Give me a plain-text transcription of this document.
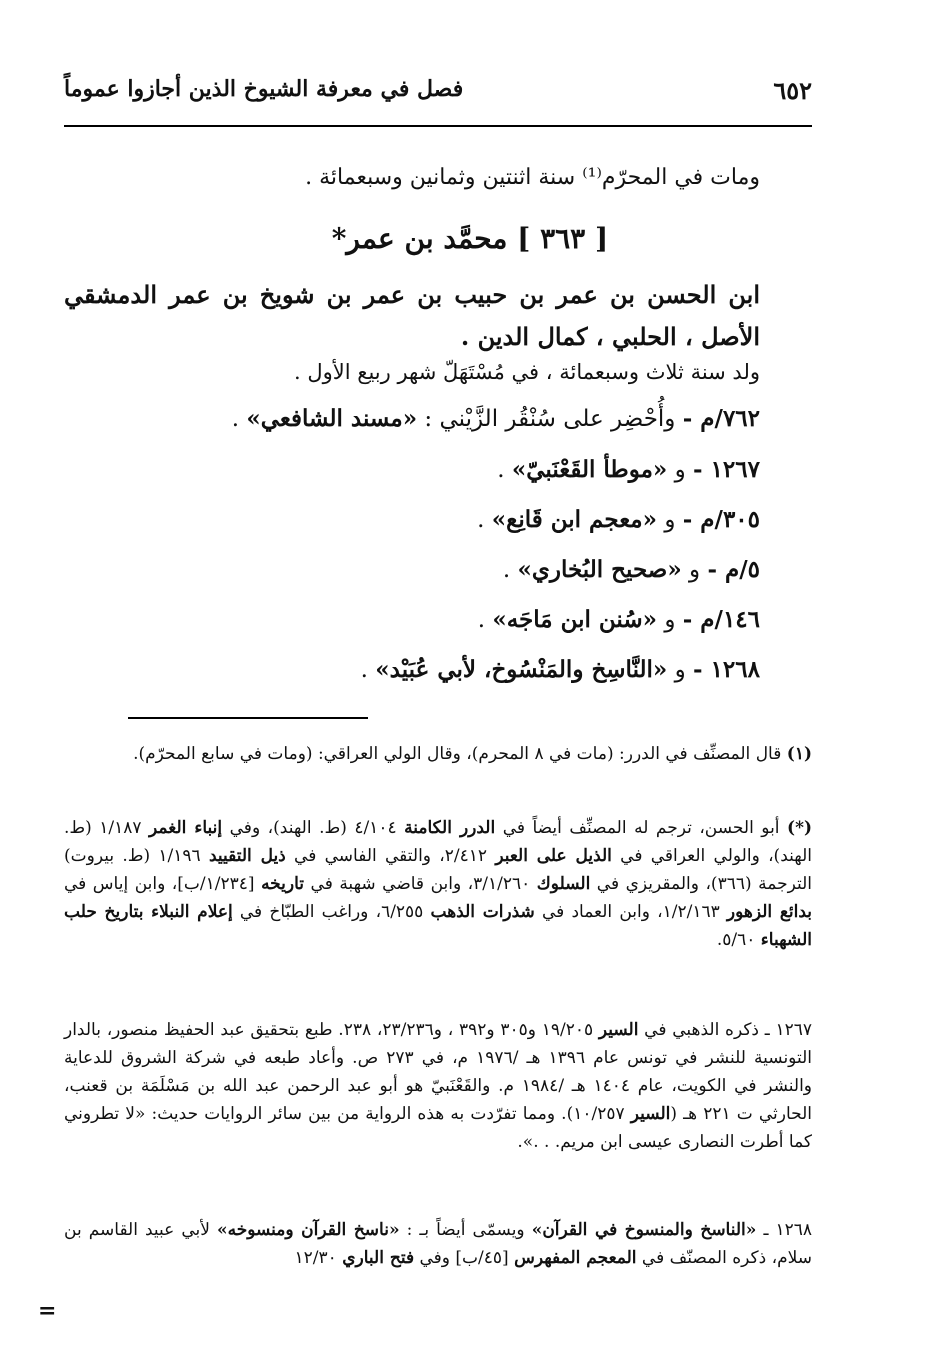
٦٥٢
فصل في معرفة الشيوخ الذين أجازوا عموماً
ومات في المحرّم⁽¹⁾ سنة اثنتين وثمانين وسبعمائة .
[ ٣٦٣ ] محمَّد بن عمر*
ابن الحسن بن عمر بن حبيب بن عمر بن شويخ بن عمر الدمشقي
الأصل ، الحلبي ، كمال الدين .
ولد سنة ثلاث وسبعمائة ، في مُسْتَهَلّ شهر ربيع الأول .
٧٦٢/م - وأُحْضِر على سُنْقُر الزَّيْني : «مسند الشافعي» .
١٢٦٧ - و «موطأ القَعْنَبيّ» .
٣٠٥/م - و «معجم ابن قَانِع» .
٥/م - و «صحيح البُخاري» .
١٤٦/م - و «سُنن ابن مَاجَه» .
١٢٦٨ - و «النَّاسِخ والمَنْسُوخ، لأبي عُبَيْد» .

(١) قال المصنِّف في الدرر: (مات في ٨ المحرم)، وقال الولي العراقي: (ومات في سابع المحرّم).

(*) أبو الحسن، ترجم له المصنِّف أيضاً في الدرر الكامنة ٤/١٠٤ (ط. الهند)، وفي إنباء الغمر ١/١٨٧ (ط. الهند)، والولي العراقي في الذيل على العبر ٢/٤١٢، والتقي الفاسي في ذيل التقييد ١/١٩٦ (ط. بيروت) الترجمة (٣٦٦)، والمقريزي في السلوك ٣/١/٢٦٠، وابن قاضي شهبة في تاريخه [١/٢٣٤/ب]، وابن إياس في بدائع الزهور ١/٢/١٦٣، وابن العماد في شذرات الذهب ٦/٢٥٥، وراغب الطبّاخ في إعلام النبلاء بتاريخ حلب الشهباء ٥/٦٠.

١٢٦٧ ـ ذكره الذهبي في السير ١٩/٢٠٥ و٣٠٥ و٣٩٢ ، و٢٣/٢٣٦، ٢٣٨. طبع بتحقيق عبد الحفيظ منصور، بالدار التونسية للنشر في تونس عام ١٣٩٦ هـ /١٩٧٦ م، في ٢٧٣ ص. وأعاد طبعه في شركة الشروق للدعاية والنشر في الكويت، عام ١٤٠٤ هـ /١٩٨٤ م. والقَعْنَبيّ هو أبو عبد الرحمن عبد الله بن مَسْلَمَة بن قعنب، الحارثي ت ٢٢١ هـ (السير ١٠/٢٥٧). ومما تفرّدت به هذه الرواية من بين سائر الروايات حديث: «لا تطروني كما أطرت النصارى عيسى ابن مريم. . .».

١٢٦٨ ـ «الناسخ والمنسوخ في القرآن» ويسمّى أيضاً بـ : «ناسخ القرآن ومنسوخه» لأبي عبيد القاسم بن سلام، ذكره المصنّف في المعجم المفهرس [٤٥/ب] وفي فتح الباري ١٢/٣٠

=
